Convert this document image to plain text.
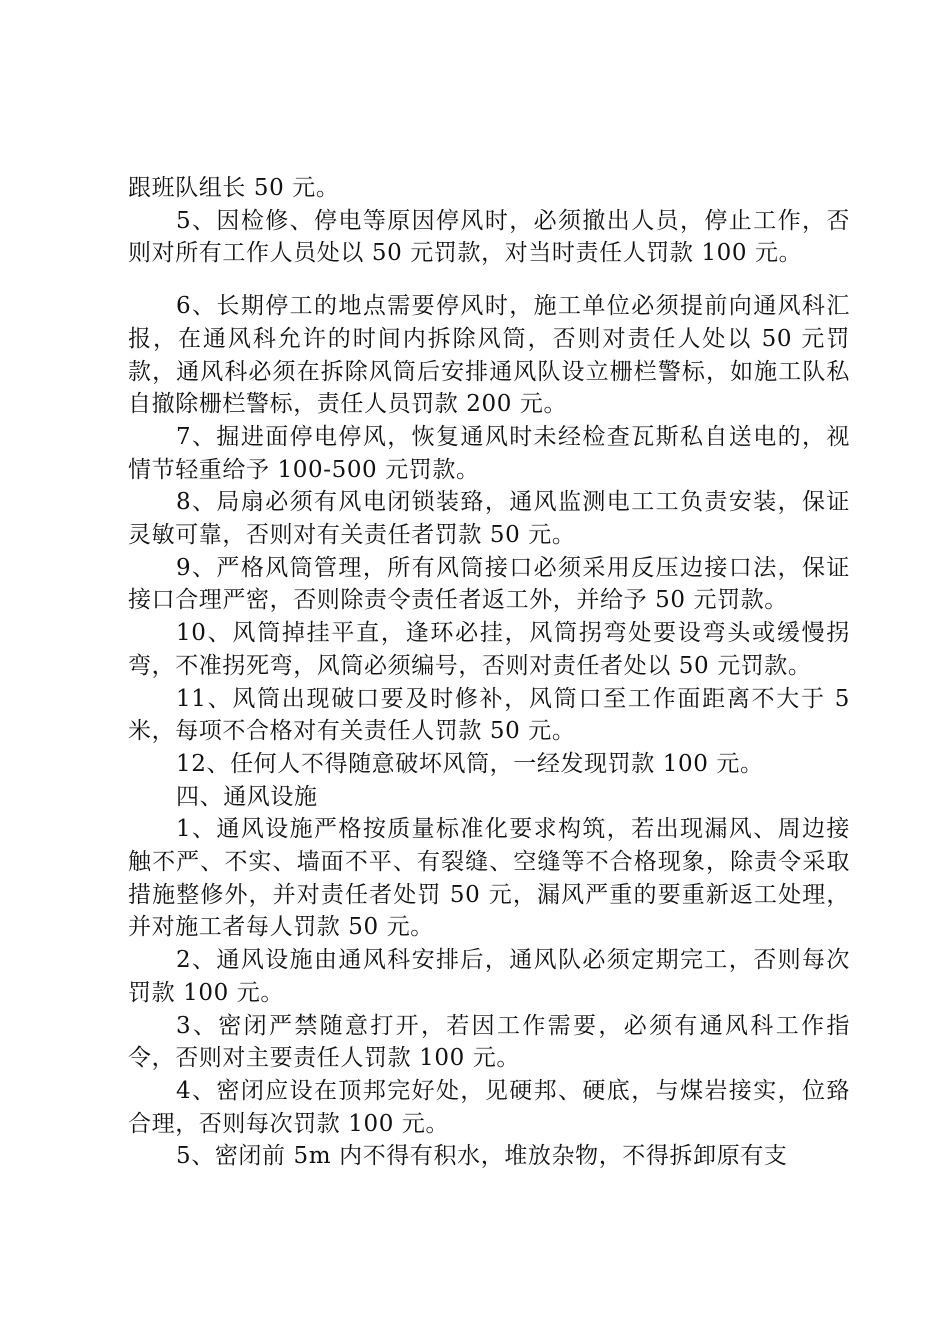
跟班队组长 50 元。

5、因检修、停电等原因停风时，必须撤出人员，停止工作，否则对所有工作人员处以 50 元罚款，对当时责任人罚款 100 元。

6、长期停工的地点需要停风时，施工单位必须提前向通风科汇报，在通风科允许的时间内拆除风筒，否则对责任人处以 50 元罚款，通风科必须在拆除风筒后安排通风队设立栅栏警标，如施工队私自撤除栅栏警标，责任人员罚款 200 元。

7、掘进面停电停风，恢复通风时未经检查瓦斯私自送电的，视情节轻重给予 100-500 元罚款。

8、局扇必须有风电闭锁装臵，通风监测电工工负责安装，保证灵敏可靠，否则对有关责任者罚款 50 元。

9、严格风筒管理，所有风筒接口必须采用反压边接口法，保证接口合理严密，否则除责令责任者返工外，并给予 50 元罚款。

10、风筒掉挂平直，逢环必挂，风筒拐弯处要设弯头或缓慢拐弯，不准拐死弯，风筒必须编号，否则对责任者处以 50 元罚款。

11、风筒出现破口要及时修补，风筒口至工作面距离不大于 5 米，每项不合格对有关责任人罚款 50 元。

12、任何人不得随意破坏风筒，一经发现罚款 100 元。

四、通风设施

1、通风设施严格按质量标准化要求构筑，若出现漏风、周边接触不严、不实、墙面不平、有裂缝、空缝等不合格现象，除责令采取措施整修外，并对责任者处罚 50 元，漏风严重的要重新返工处理，并对施工者每人罚款 50 元。

2、通风设施由通风科安排后，通风队必须定期完工，否则每次罚款 100 元。

3、密闭严禁随意打开，若因工作需要，必须有通风科工作指令，否则对主要责任人罚款 100 元。

4、密闭应设在顶邦完好处，见硬邦、硬底，与煤岩接实，位臵合理，否则每次罚款 100 元。

5、密闭前 5m 内不得有积水，堆放杂物，不得拆卸原有支
